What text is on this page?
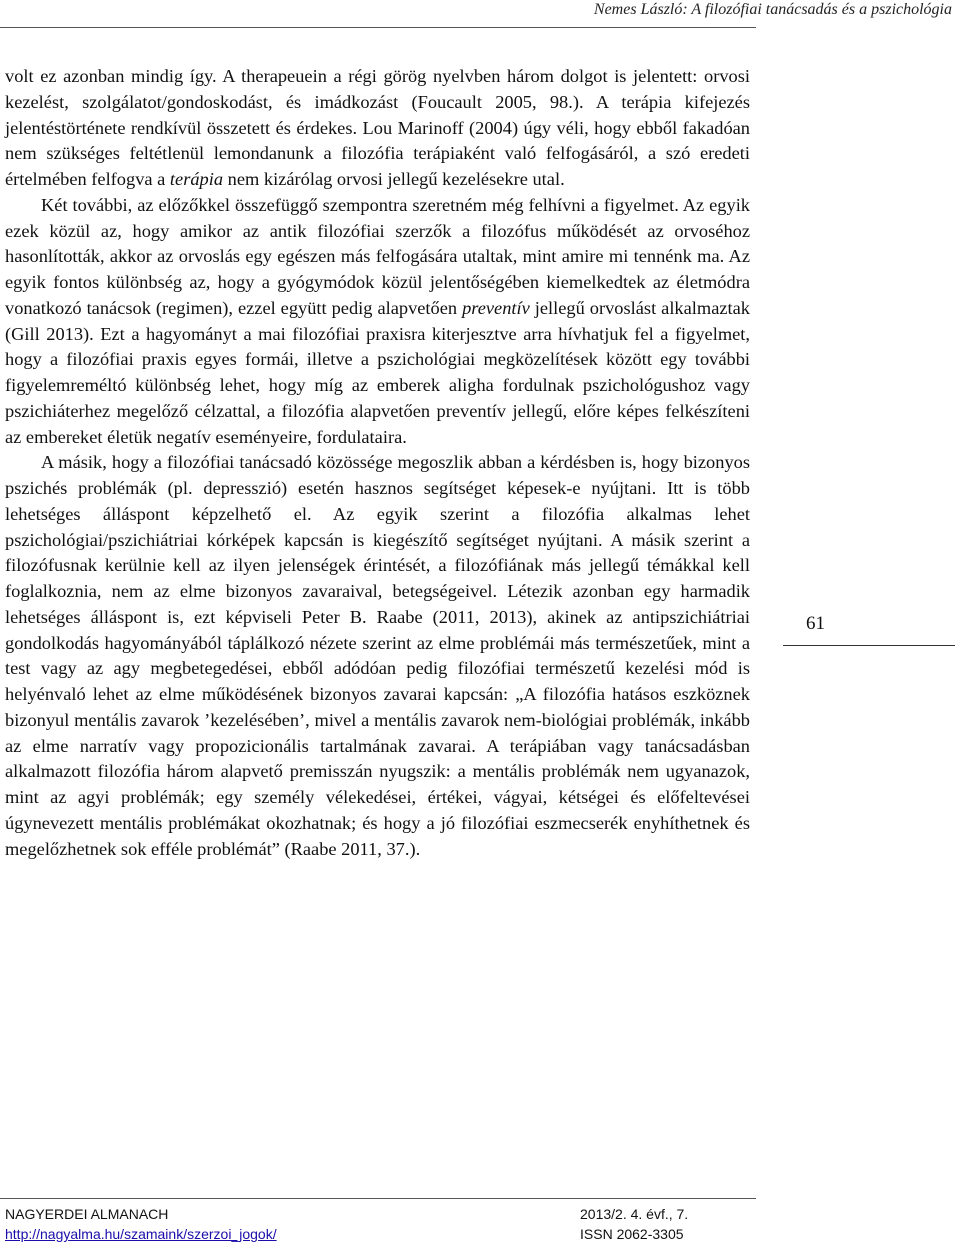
Nemes László: A filozófiai tanácsadás és a pszichológia

volt ez azonban mindig így. A therapeuein a régi görög nyelvben három dolgot is jelentett: orvosi kezelést, szolgálatot/gondoskodást, és imádkozást (Foucault 2005, 98.). A terápia kifejezés jelentéstörténete rendkívül összetett és érdekes. Lou Marinoff (2004) úgy véli, hogy ebből fakadóan nem szükséges feltétlenül lemondanunk a filozófia terápiaként való felfogásáról, a szó eredeti értelmében felfogva a terápia nem kizárólag orvosi jellegű kezelésekre utal.

Két további, az előzőkkel összefüggő szempontra szeretném még felhívni a figyelmet. Az egyik ezek közül az, hogy amikor az antik filozófiai szerzők a filozófus működését az orvoséhoz hasonlították, akkor az orvoslás egy egészen más felfogására utaltak, mint amire mi tennénk ma. Az egyik fontos különbség az, hogy a gyógymódok közül jelentőségében kiemelkedtek az életmódra vonatkozó tanácsok (regimen), ezzel együtt pedig alapvetően preventív jellegű orvoslást alkalmaztak (Gill 2013). Ezt a hagyományt a mai filozófiai praxisra kiterjesztve arra hívhatjuk fel a figyelmet, hogy a filozófiai praxis egyes formái, illetve a pszichológiai megközelítések között egy további figyelemreméltó különbség lehet, hogy míg az emberek aligha fordulnak pszichológushoz vagy pszichiáterhez megelőző célzattal, a filozófia alapvetően preventív jellegű, előre képes felkészíteni az embereket életük negatív eseményeire, fordulataira.

A másik, hogy a filozófiai tanácsadó közössége megoszlik abban a kérdésben is, hogy bizonyos pszichés problémák (pl. depresszió) esetén hasznos segítséget képesek-e nyújtani. Itt is több lehetséges álláspont képzelhető el. Az egyik szerint a filozófia alkalmas lehet pszichológiai/pszichiátriai kórképek kapcsán is kiegészítő segítséget nyújtani. A másik szerint a filozófusnak kerülnie kell az ilyen jelenségek érintését, a filozófiának más jellegű témákkal kell foglalkoznia, nem az elme bizonyos zavaraival, betegségeivel. Létezik azonban egy harmadik lehetséges álláspont is, ezt képviseli Peter B. Raabe (2011, 2013), akinek az antipszichiátriai gondolkodás hagyományából táplálkozó nézete szerint az elme problémái más természetűek, mint a test vagy az agy megbetegedései, ebből adódóan pedig filozófiai természetű kezelési mód is helyénvaló lehet az elme működésének bizonyos zavarai kapcsán: „A filozófia hatásos eszköznek bizonyul mentális zavarok ’kezelésében’, mivel a mentális zavarok nem-biológiai problémák, inkább az elme narratív vagy propozicionális tartalmának zavarai. A terápiában vagy tanácsadásban alkalmazott filozófia három alapvető premisszán nyugszik: a mentális problémák nem ugyanazok, mint az agyi problémák; egy személy vélekedései, értékei, vágyai, kétségei és előfeltevései úgynevezett mentális problémákat okozhatnak; és hogy a jó filozófiai eszmecserék enyhíthetnek és megelőzhetnek sok efféle problémát” (Raabe 2011, 37.).

61
NAGYERDEI ALMANACH
http://nagyalma.hu/szamaink/szerzoi_jogok/
2013/2. 4. évf., 7.
ISSN 2062-3305
